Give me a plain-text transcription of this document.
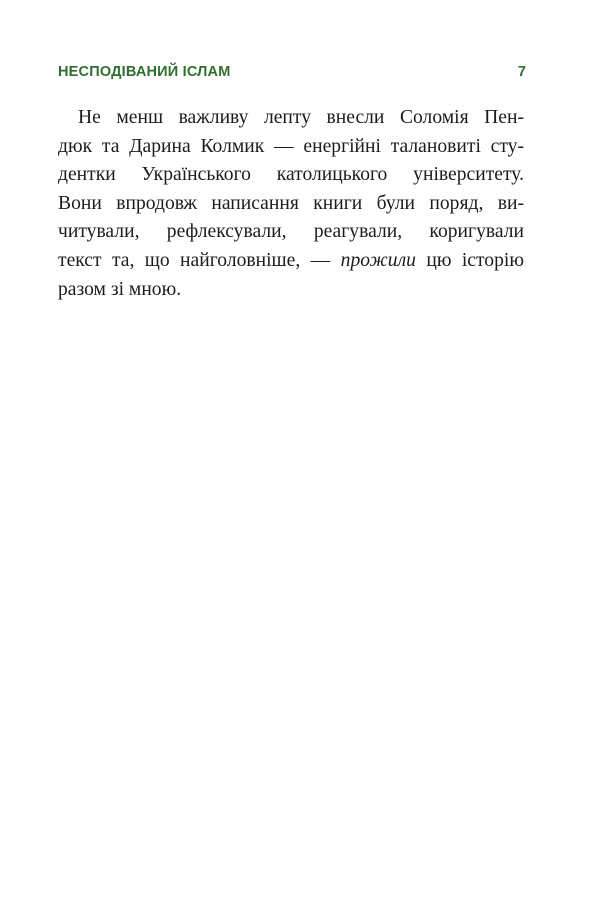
НЕСПОДІВАНИЙ ІСЛАМ	7
Не менш важливу лепту внесли Соломія Пен-
дюк та Дарина Колмик — енергійні талановиті сту-
дентки Українського католицького університету.
Вони впродовж написання книги були поряд, ви-
читували, рефлексували, реагували, коригували
текст та, що найголовніше, — прожили цю історію
разом зі мною.
